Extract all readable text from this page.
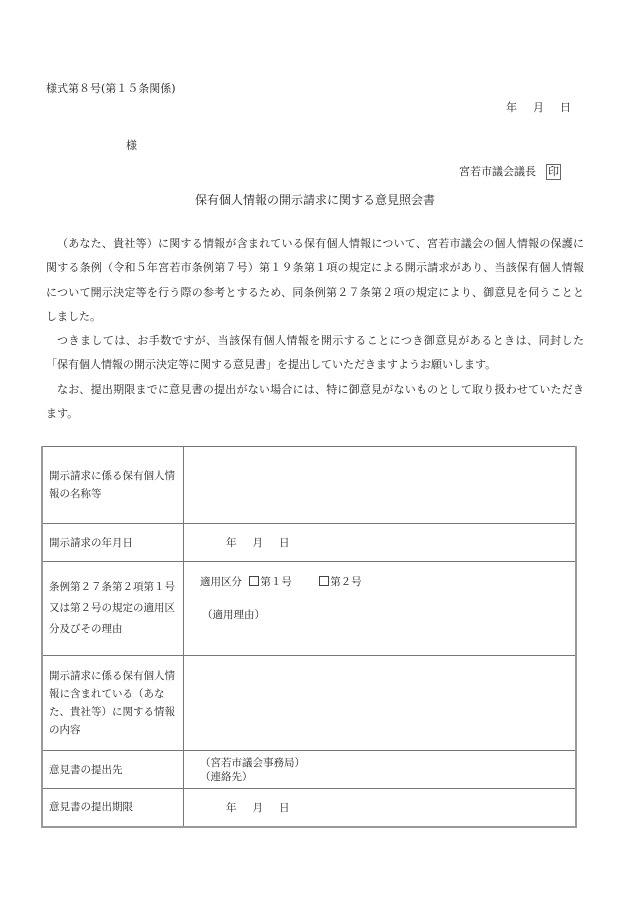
様式第８号(第１５条関係)
年 月 日
様
宮若市議会議長 印
保有個人情報の開示請求に関する意見照会書

（あなた、貴社等）に関する情報が含まれている保有個人情報について、宮若市議会の個人情報の保護に関する条例（令和５年宮若市条例第７号）第１９条第１項の規定による開示請求があり、当該保有個人情報について開示決定等を行う際の参考とするため、同条例第２７条第２項の規定により、御意見を伺うこととしました。

つきましては、お手数ですが、当該保有個人情報を開示することにつき御意見があるときは、同封した「保有個人情報の開示決定等に関する意見書」を提出していただきますようお願いします。

なお、提出期限までに意見書の提出がない場合には、特に御意見がないものとして取り扱わせていただきます。

開示請求に係る保有個人情報の名称等	
開示請求の年月日	年 月 日
条例第２７条第２項第１号又は第２号の規定の適用区分及びその理由	適用区分 第１号 第２号
（適用理由）

開示請求に係る保有個人情報に含まれている（あなた、貴社等）に関する情報の内容	
意見書の提出先	（宮若市議会事務局）
（連絡先）

意見書の提出期限	年 月 日
